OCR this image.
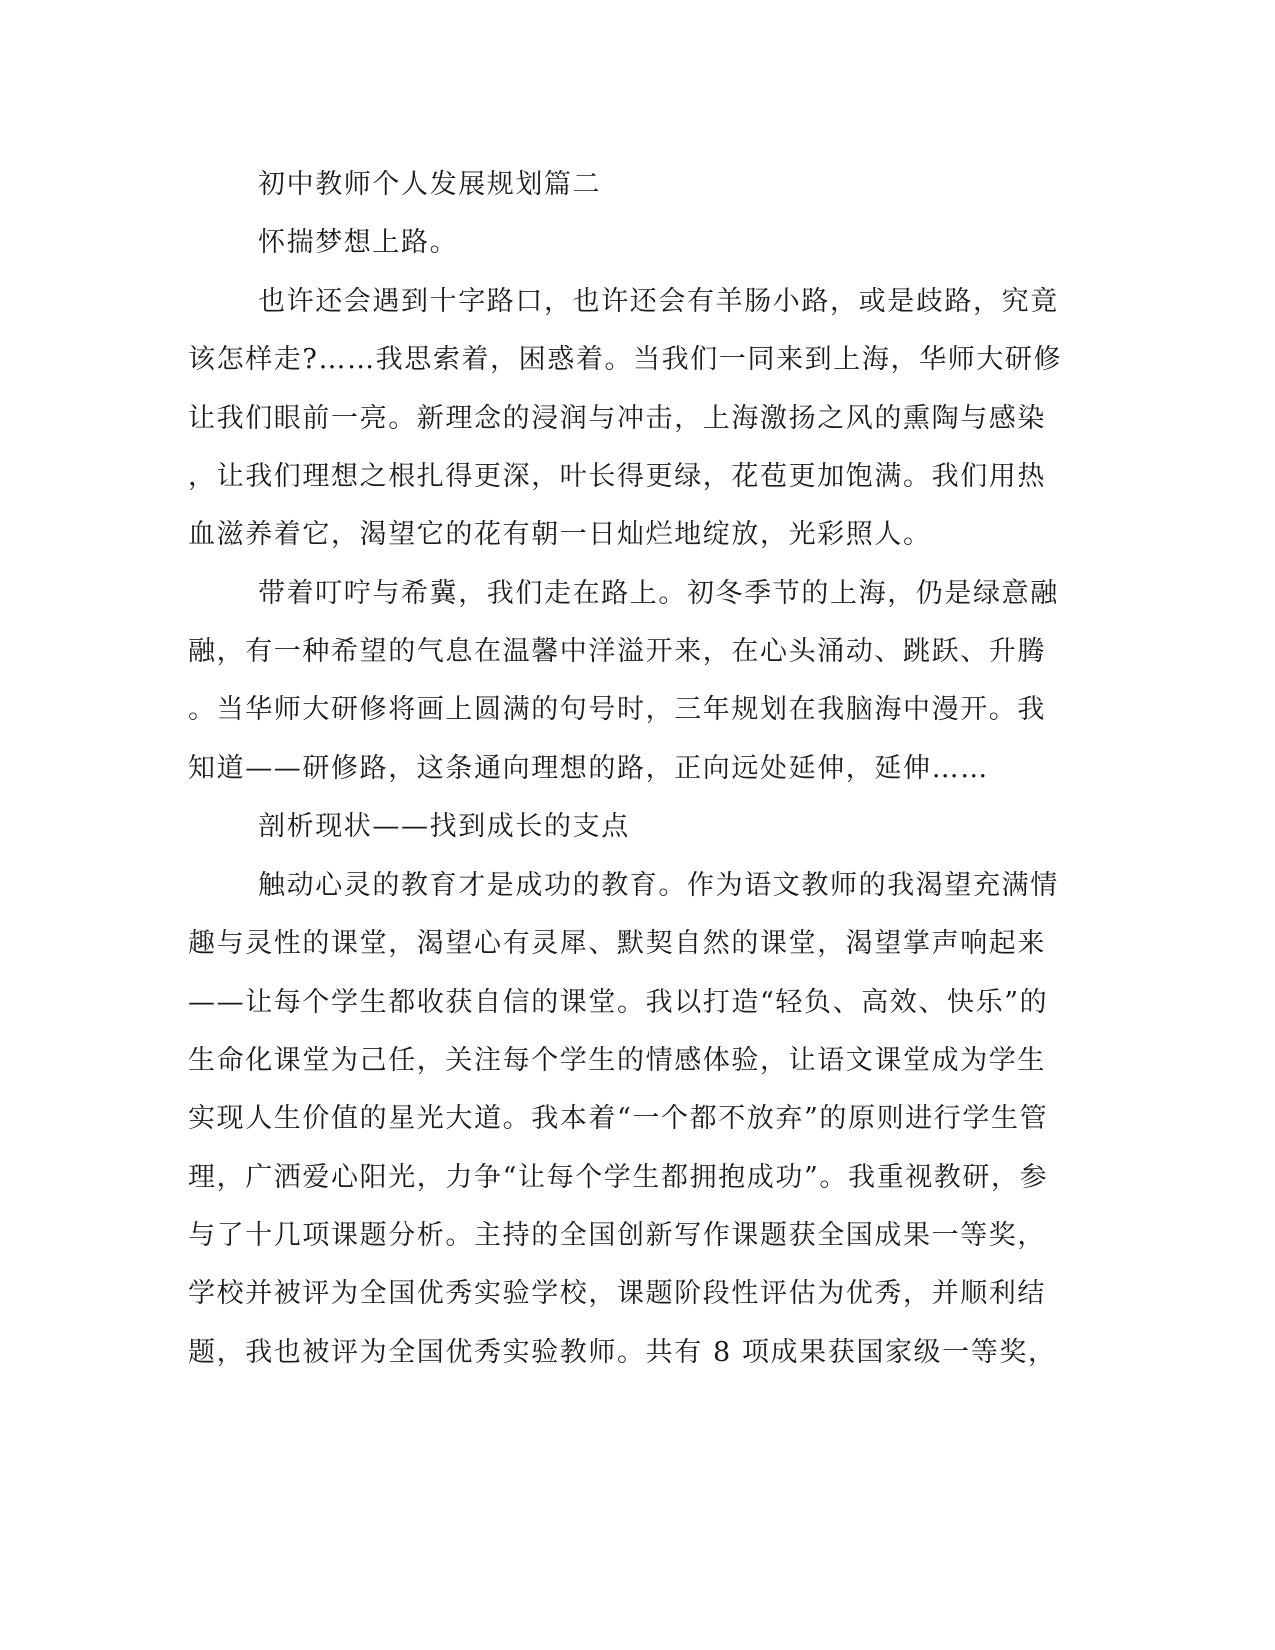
初中教师个人发展规划篇二
怀揣梦想上路。
也许还会遇到十字路口，也许还会有羊肠小路，或是歧路，究竟
该怎样走?……我思索着，困惑着。当我们一同来到上海，华师大研修
让我们眼前一亮。新理念的浸润与冲击，上海激扬之风的熏陶与感染
，让我们理想之根扎得更深，叶长得更绿，花苞更加饱满。我们用热
血滋养着它，渴望它的花有朝一日灿烂地绽放，光彩照人。
带着叮咛与希冀，我们走在路上。初冬季节的上海，仍是绿意融
融，有一种希望的气息在温馨中洋溢开来，在心头涌动、跳跃、升腾
。当华师大研修将画上圆满的句号时，三年规划在我脑海中漫开。我
知道——研修路，这条通向理想的路，正向远处延伸，延伸……
剖析现状——找到成长的支点
触动心灵的教育才是成功的教育。作为语文教师的我渴望充满情
趣与灵性的课堂，渴望心有灵犀、默契自然的课堂，渴望掌声响起来
——让每个学生都收获自信的课堂。我以打造“轻负、高效、快乐”的
生命化课堂为己任，关注每个学生的情感体验，让语文课堂成为学生
实现人生价值的星光大道。我本着“一个都不放弃”的原则进行学生管
理，广洒爱心阳光，力争“让每个学生都拥抱成功”。我重视教研，参
与了十几项课题分析。主持的全国创新写作课题获全国成果一等奖，
学校并被评为全国优秀实验学校，课题阶段性评估为优秀，并顺利结
题，我也被评为全国优秀实验教师。共有 8 项成果获国家级一等奖，
